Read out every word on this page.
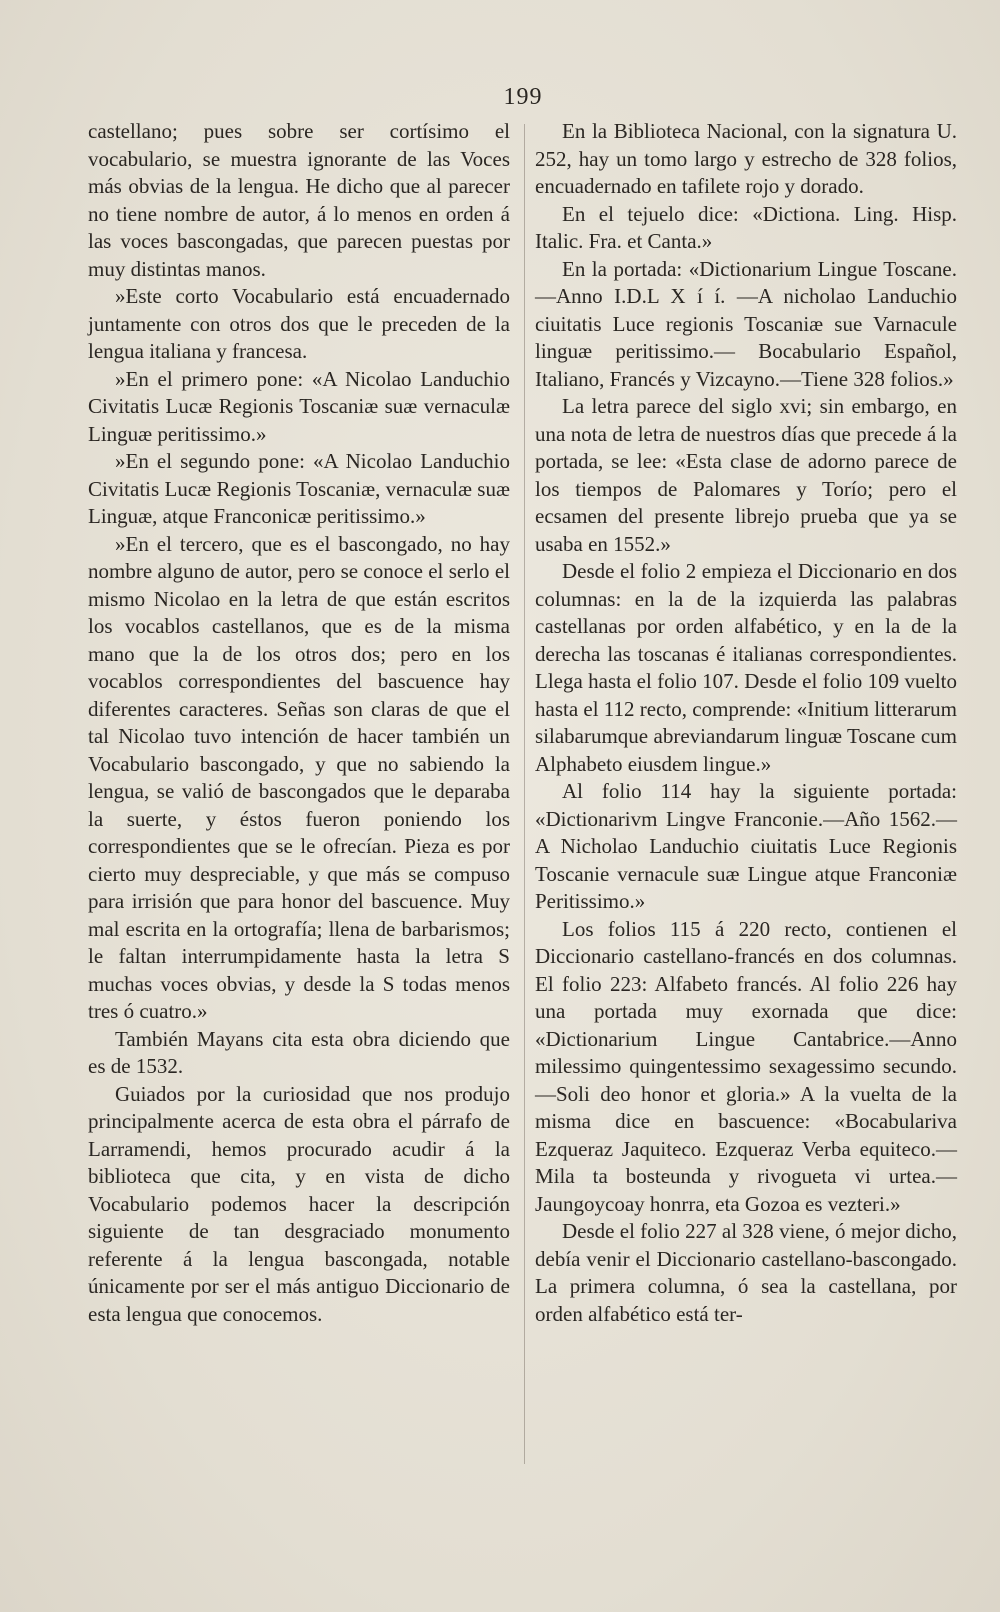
199

castellano; pues sobre ser cortísimo el vocabulario, se muestra ignorante de las Voces más obvias de la lengua. He dicho que al parecer no tiene nombre de autor, á lo menos en orden á las voces bascongadas, que parecen puestas por muy distintas manos.

»Este corto Vocabulario está encuadernado juntamente con otros dos que le preceden de la lengua italiana y francesa.

»En el primero pone: «A Nicolao Landuchio Civitatis Lucæ Regionis Toscaniæ suæ vernaculæ Linguæ peritissimo.»

»En el segundo pone: «A Nicolao Landuchio Civitatis Lucæ Regionis Toscaniæ, vernaculæ suæ Linguæ, atque Franconicæ peritissimo.»

»En el tercero, que es el bascongado, no hay nombre alguno de autor, pero se conoce el serlo el mismo Nicolao en la letra de que están escritos los vocablos castellanos, que es de la misma mano que la de los otros dos; pero en los vocablos correspondientes del bascuence hay diferentes caracteres. Señas son claras de que el tal Nicolao tuvo intención de hacer también un Vocabulario bascongado, y que no sabiendo la lengua, se valió de bascongados que le deparaba la suerte, y éstos fueron poniendo los correspondientes que se le ofrecían. Pieza es por cierto muy despreciable, y que más se compuso para irrisión que para honor del bascuence. Muy mal escrita en la ortografía; llena de barbarismos; le faltan interrumpidamente hasta la letra S muchas voces obvias, y desde la S todas menos tres ó cuatro.»

También Mayans cita esta obra diciendo que es de 1532.

Guiados por la curiosidad que nos produjo principalmente acerca de esta obra el párrafo de Larramendi, hemos procurado acudir á la biblioteca que cita, y en vista de dicho Vocabulario podemos hacer la descripción siguiente de tan desgraciado monumento referente á la lengua bascongada, notable únicamente por ser el más antiguo Diccionario de esta lengua que conocemos.

En la Biblioteca Nacional, con la signatura U. 252, hay un tomo largo y estrecho de 328 folios, encuadernado en tafilete rojo y dorado.

En el tejuelo dice: «Dictiona. Ling. Hisp. Italic. Fra. et Canta.»

En la portada: «Dictionarium Lingue Toscane.—Anno I.D.L X í í. —A nicholao Landuchio ciuitatis Luce regionis Toscaniæ sue Varnacule linguæ peritissimo.— Bocabulario Español, Italiano, Francés y Vizcayno.—Tiene 328 folios.»

La letra parece del siglo xvi; sin embargo, en una nota de letra de nuestros días que precede á la portada, se lee: «Esta clase de adorno parece de los tiempos de Palomares y Torío; pero el ecsamen del presente librejo prueba que ya se usaba en 1552.»

Desde el folio 2 empieza el Diccionario en dos columnas: en la de la izquierda las palabras castellanas por orden alfabético, y en la de la derecha las toscanas é italianas correspondientes. Llega hasta el folio 107. Desde el folio 109 vuelto hasta el 112 recto, comprende: «Initium litterarum silabarumque abreviandarum linguæ Toscane cum Alphabeto eiusdem lingue.»

Al folio 114 hay la siguiente portada: «Dictionarivm Lingve Franconie.—Año 1562.—A Nicholao Landuchio ciuitatis Luce Regionis Toscanie vernacule suæ Lingue atque Franconiæ Peritissimo.»

Los folios 115 á 220 recto, contienen el Diccionario castellano-francés en dos columnas. El folio 223: Alfabeto francés. Al folio 226 hay una portada muy exornada que dice: «Dictionarium Lingue Cantabrice.—Anno milessimo quingentessimo sexagessimo secundo.—Soli deo honor et gloria.» A la vuelta de la misma dice en bascuence: «Bocabulariva Ezqueraz Jaquiteco. Ezqueraz Verba equiteco.—Mila ta bosteunda y rivogueta vi urtea.—Jaungoycoay honrra, eta Gozoa es vezteri.»

Desde el folio 227 al 328 viene, ó mejor dicho, debía venir el Diccionario castellano-bascongado. La primera columna, ó sea la castellana, por orden alfabético está ter-
